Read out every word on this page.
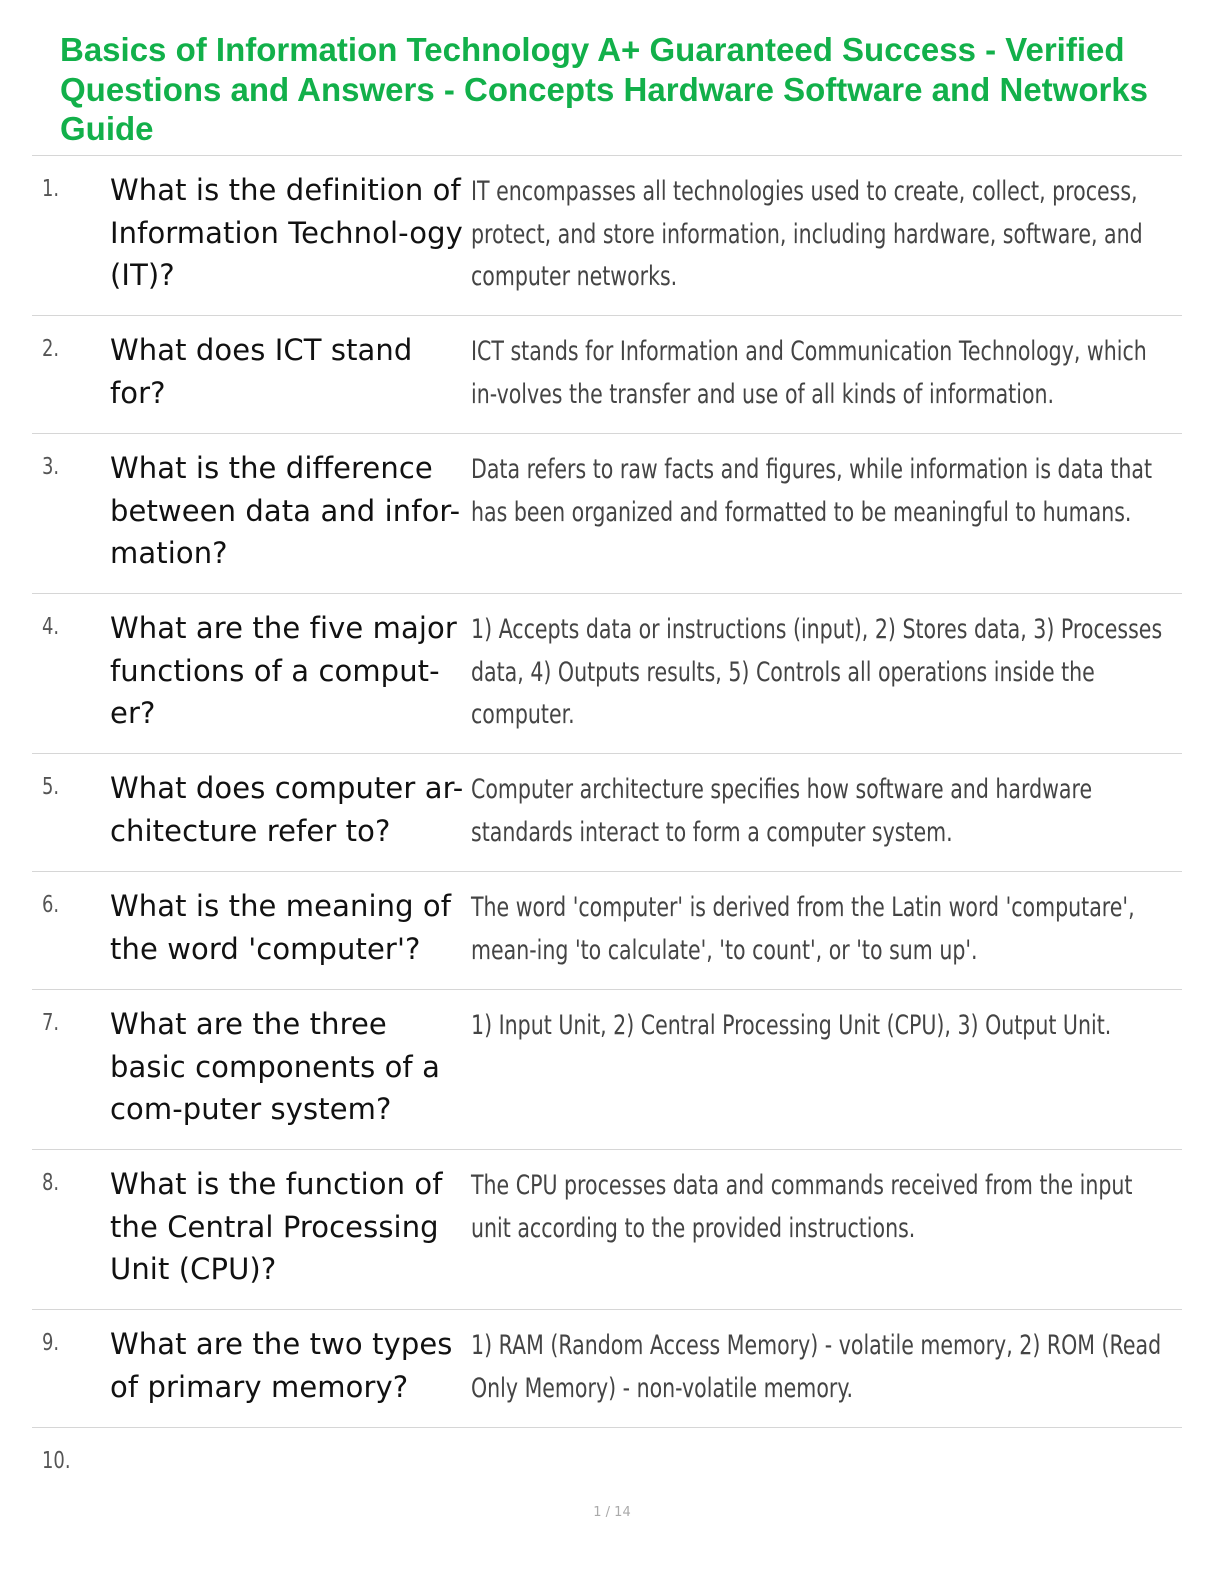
Basics of Information Technology A+ Guaranteed Success - Verified Questions and Answers - Concepts Hardware Software and Networks Guide
1. What is the definition of Information Technol-ogy (IT)?
IT encompasses all technologies used to create, collect, process, protect, and store information, including hardware, software, and computer networks.
2. What does ICT stand for?
ICT stands for Information and Communication Technology, which in-volves the transfer and use of all kinds of information.
3. What is the difference between data and infor-mation?
Data refers to raw facts and figures, while information is data that has been organized and formatted to be meaningful to humans.
4. What are the five major functions of a comput-er?
1) Accepts data or instructions (input), 2) Stores data, 3) Processes data, 4) Outputs results, 5) Controls all operations inside the computer.
5. What does computer ar-chitecture refer to?
Computer architecture specifies how software and hardware standards interact to form a computer system.
6. What is the meaning of the word 'computer'?
The word 'computer' is derived from the Latin word 'computare', mean-ing 'to calculate', 'to count', or 'to sum up'.
7. What are the three basic components of a com-puter system?
1) Input Unit, 2) Central Processing Unit (CPU), 3) Output Unit.
8. What is the function of the Central Processing Unit (CPU)?
The CPU processes data and commands received from the input unit according to the provided instructions.
9. What are the two types of primary memory?
1) RAM (Random Access Memory) - volatile memory, 2) ROM (Read Only Memory) - non-volatile memory.
10.
1 / 14
